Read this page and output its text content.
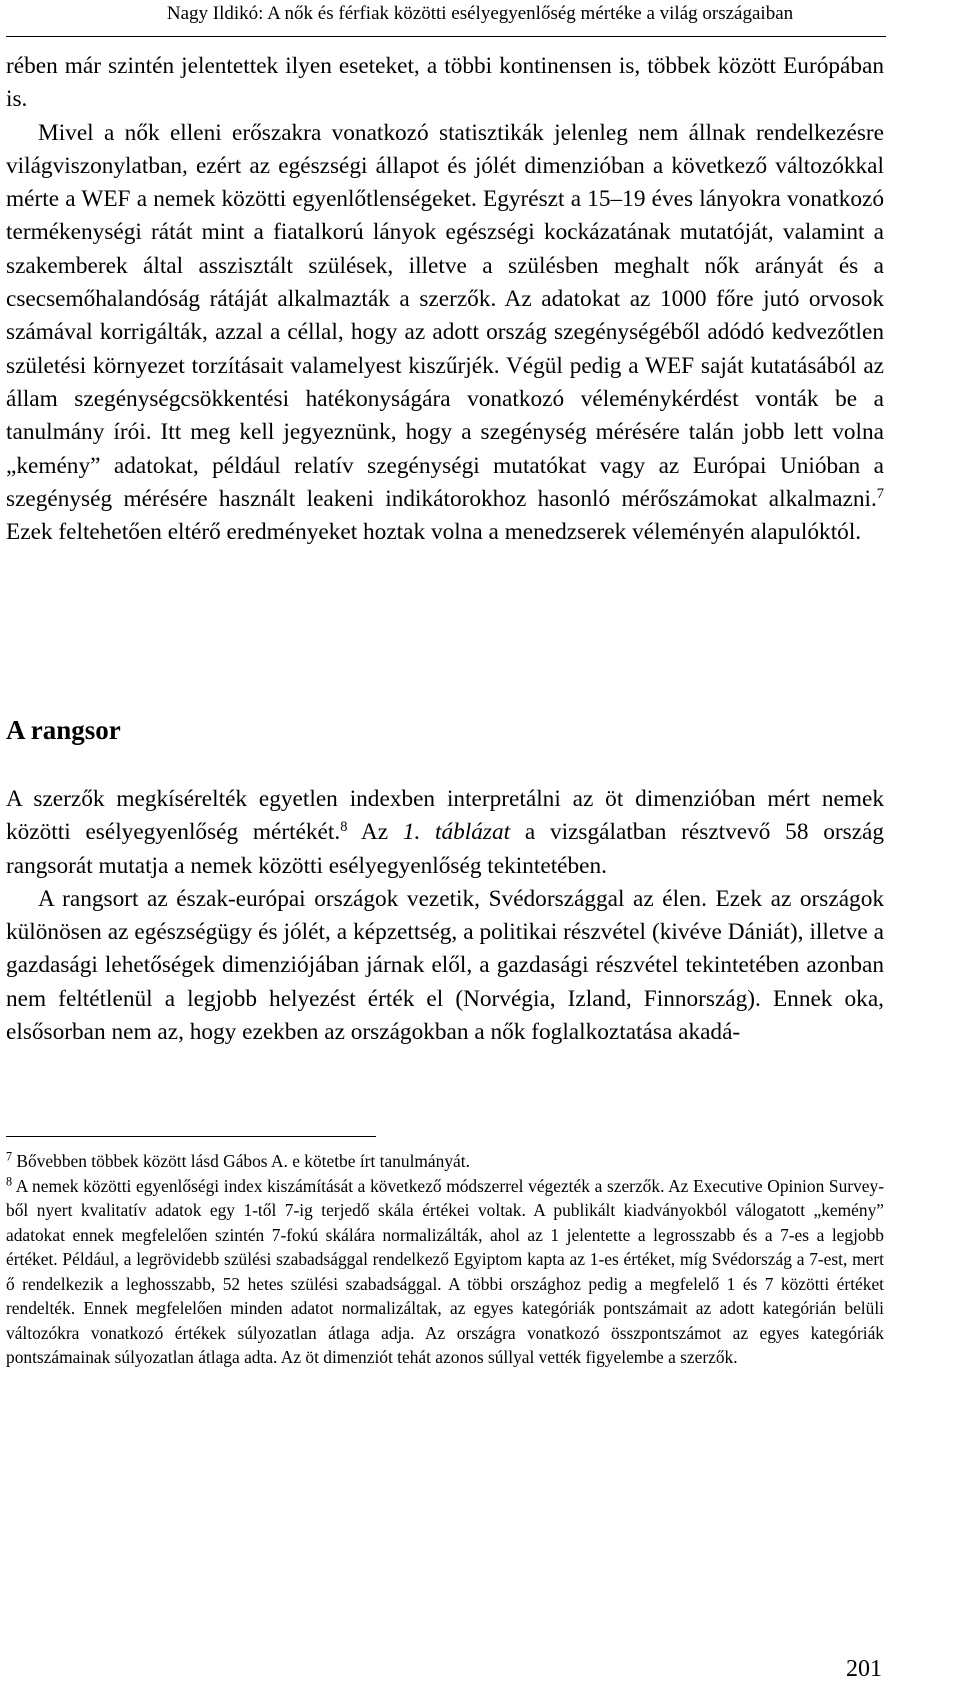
Nagy Ildikó: A nők és férfiak közötti esélyegyenlőség mértéke a világ országaiban

rében már szintén jelentettek ilyen eseteket, a többi kontinensen is, többek között Európában is.

Mivel a nők elleni erőszakra vonatkozó statisztikák jelenleg nem állnak rendelkezésre világviszonylatban, ezért az egészségi állapot és jólét dimenzióban a következő változókkal mérte a WEF a nemek közötti egyenlőtlenségeket. Egyrészt a 15–19 éves lányokra vonatkozó termékenységi rátát mint a fiatalkorú lányok egészségi kockázatának mutatóját, valamint a szakemberek által asszisztált szülések, illetve a szülésben meghalt nők arányát és a csecsemőhalandóság rátáját alkalmazták a szerzők. Az adatokat az 1000 főre jutó orvosok számával korrigálták, azzal a céllal, hogy az adott ország szegénységéből adódó kedvezőtlen születési környezet torzításait valamelyest kiszűrjék. Végül pedig a WEF saját kutatásából az állam szegénységcsökkentési hatékonyságára vonatkozó véleménykérdést vonták be a tanulmány írói. Itt meg kell jegyeznünk, hogy a szegénység mérésére talán jobb lett volna „kemény” adatokat, például relatív szegénységi mutatókat vagy az Európai Unióban a szegénység mérésére használt leakeni indikátorokhoz hasonló mérőszámokat alkalmazni.$^7$ Ezek feltehetően eltérő eredményeket hoztak volna a menedzserek véleményén alapulóktól.

A rangsor

A szerzők megkísérelték egyetlen indexben interpretálni az öt dimenzióban mért nemek közötti esélyegyenlőség mértékét.$^8$ Az 1. táblázat a vizsgálatban résztvevő 58 ország rangsorát mutatja a nemek közötti esélyegyenlőség tekintetében.

A rangsort az észak-európai országok vezetik, Svédországgal az élen. Ezek az országok különösen az egészségügy és jólét, a képzettség, a politikai részvétel (kivéve Dániát), illetve a gazdasági lehetőségek dimenziójában járnak elől, a gazdasági részvétel tekintetében azonban nem feltétlenül a legjobb helyezést érték el (Norvégia, Izland, Finnország). Ennek oka, elsősorban nem az, hogy ezekben az országokban a nők foglalkoztatása akadá-

$^7$ Bővebben többek között lásd Gábos A. e kötetbe írt tanulmányát.

$^8$ A nemek közötti egyenlőségi index kiszámítását a következő módszerrel végezték a szerzők. Az Executive Opinion Survey-ből nyert kvalitatív adatok egy 1-től 7-ig terjedő skála értékei voltak. A publikált kiadványokból válogatott „kemény” adatokat ennek megfelelően szintén 7-fokú skálára normalizálták, ahol az 1 jelentette a legrosszabb és a 7-es a legjobb értéket. Például, a legrövidebb szülési szabadsággal rendelkező Egyiptom kapta az 1-es értéket, míg Svédország a 7-est, mert ő rendelkezik a leghosszabb, 52 hetes szülési szabadsággal. A többi országhoz pedig a megfelelő 1 és 7 közötti értéket rendelték. Ennek megfelelően minden adatot normalizáltak, az egyes kategóriák pontszámait az adott kategórián belüli változókra vonatkozó értékek súlyozatlan átlaga adja. Az országra vonatkozó összpontszámot az egyes kategóriák pontszámainak súlyozatlan átlaga adta. Az öt dimenziót tehát azonos súllyal vették figyelembe a szerzők.

201
